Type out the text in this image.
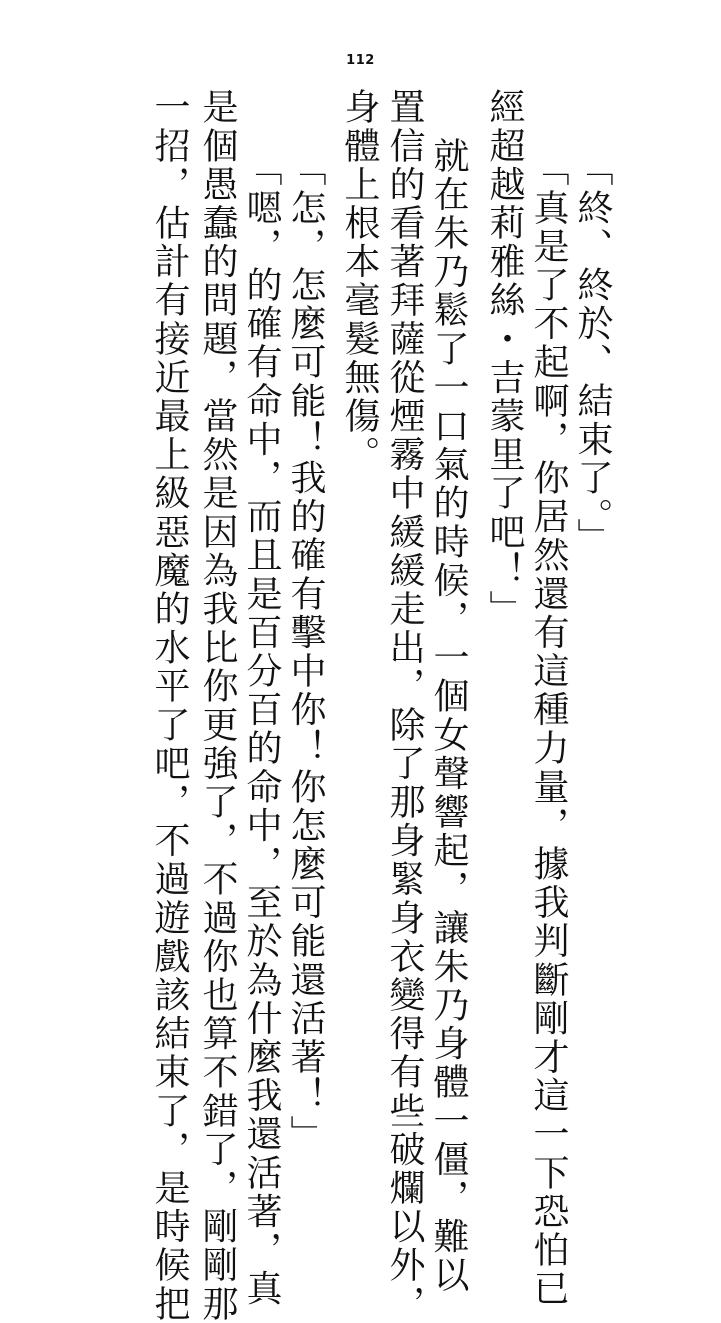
112

「終、終於、結束了。」

「真是了不起啊，你居然還有這種力量，據我判斷剛才這一下恐怕已

經超越莉雅絲・吉蒙里了吧！」

　就在朱乃鬆了一口氣的時候，一個女聲響起，讓朱乃身體一僵，難以

置信的看著拜薩從煙霧中緩緩走出，除了那身緊身衣變得有些破爛以外，

身體上根本毫髮無傷。

「怎，怎麼可能！我的確有擊中你！你怎麼可能還活著！」

「嗯，的確有命中，而且是百分百的命中，至於為什麼我還活著，真

是個愚蠢的問題，當然是因為我比你更強了，不過你也算不錯了，剛剛那

一招，估計有接近最上級惡魔的水平了吧，不過遊戲該結束了，是時候把
